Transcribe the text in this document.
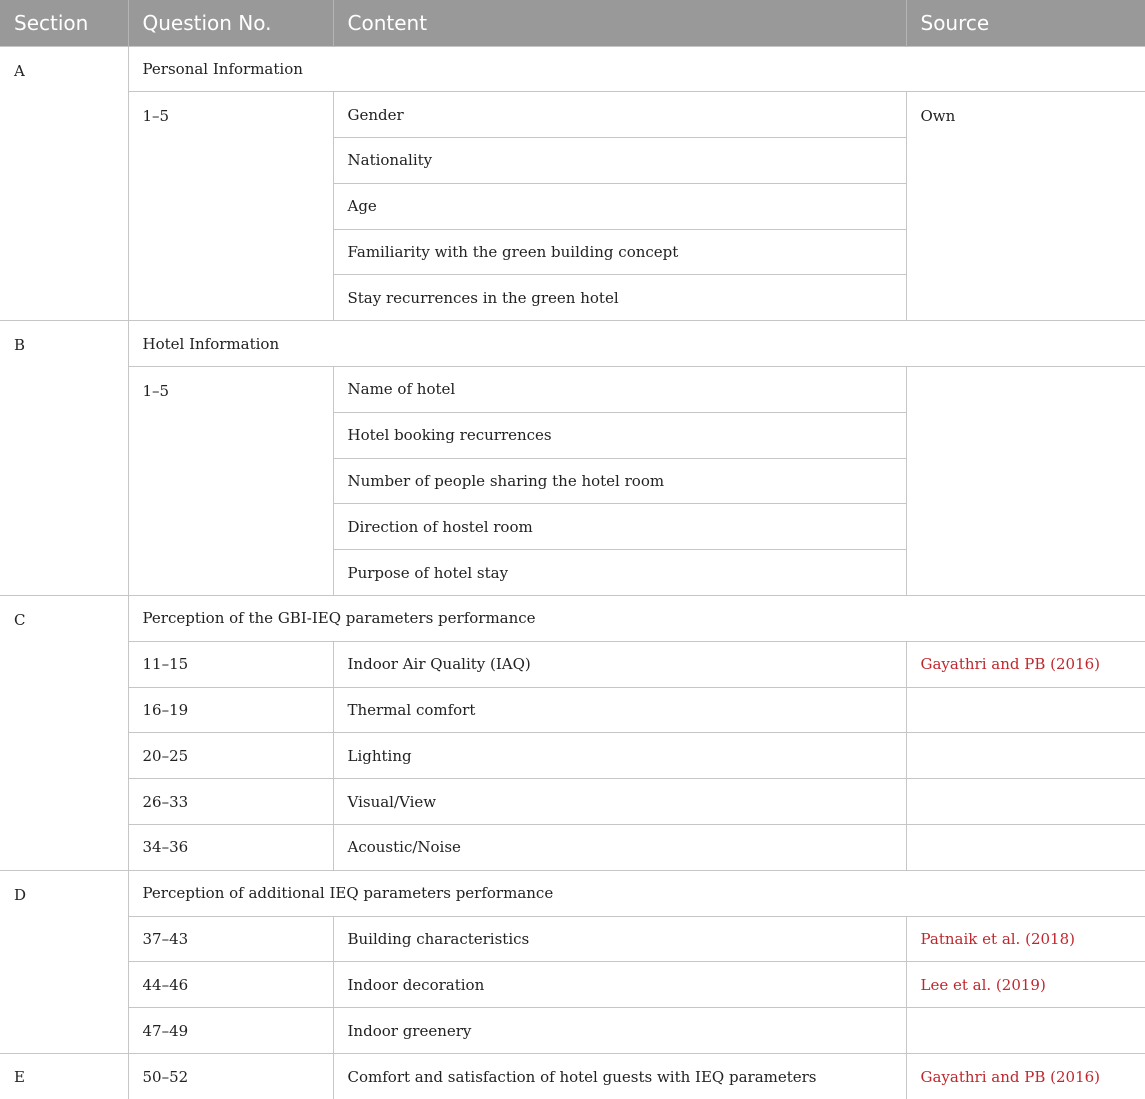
Section	Question No.	Content	Source
A	Personal Information		
	1–5	Gender	Own
		Nationality	
		Age	
		Familiarity with the green building concept	
		Stay recurrences in the green hotel	
B	Hotel Information		
	1–5	Name of hotel	
		Hotel booking recurrences	
		Number of people sharing the hotel room	
		Direction of hostel room	
		Purpose of hotel stay	
C	Perception of the GBI-IEQ parameters performance		
	11–15	Indoor Air Quality (IAQ)	Gayathri and PB (2016)
	16–19	Thermal comfort	
	20–25	Lighting	
	26–33	Visual/View	
	34–36	Acoustic/Noise	
D	Perception of additional IEQ parameters performance		
	37–43	Building characteristics	Patnaik et al. (2018)
	44–46	Indoor decoration	Lee et al. (2019)
	47–49	Indoor greenery	
E	50–52	Comfort and satisfaction of hotel guests with IEQ parameters	Gayathri and PB (2016)
